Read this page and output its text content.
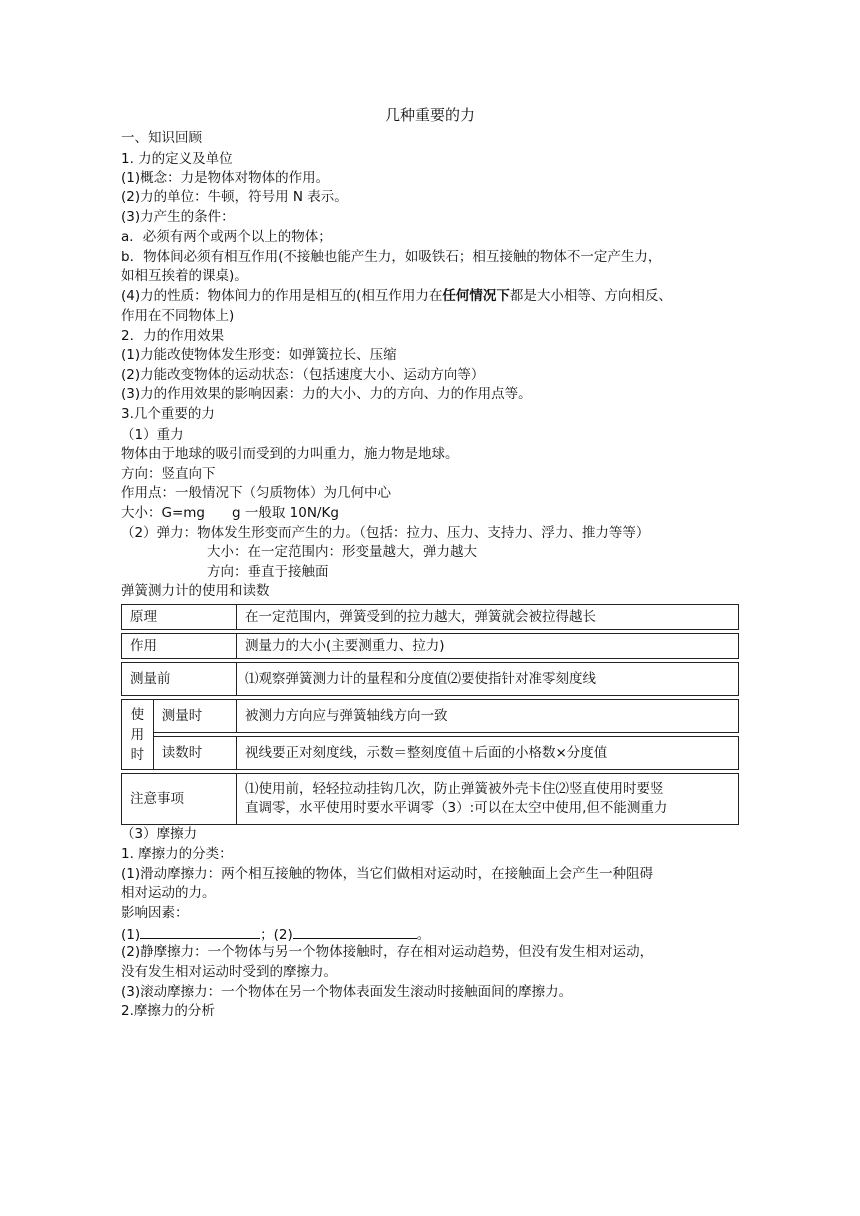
几种重要的力
一、知识回顾
1. 力的定义及单位
(1)概念：力是物体对物体的作用。
(2)力的单位：牛顿，符号用 N 表示。
(3)力产生的条件：
a．必须有两个或两个以上的物体；
b．物体间必须有相互作用(不接触也能产生力，如吸铁石；相互接触的物体不一定产生力，
如相互挨着的课桌)。
(4)力的性质：物体间力的作用是相互的(相互作用力在任何情况下都是大小相等、方向相反、
作用在不同物体上)
2．力的作用效果
(1)力能改使物体发生形变：如弹簧拉长、压缩
(2)力能改变物体的运动状态：（包括速度大小、运动方向等）
(3)力的作用效果的影响因素：力的大小、力的方向、力的作用点等。
3.几个重要的力
（1）重力
物体由于地球的吸引而受到的力叫重力，施力物是地球。
方向：竖直向下
作用点：一般情况下（匀质物体）为几何中心
大小：G=mg　　g 一般取 10N/Kg
（2）弹力：物体发生形变而产生的力。（包括：拉力、压力、支持力、浮力、推力等等）
大小：在一定范围内：形变量越大，弹力越大
方向：垂直于接触面
弹簧测力计的使用和读数
原理		在一定范围内，弹簧受到的拉力越大，弹簧就会被拉得越长
作用		测量力的大小(主要测重力、拉力)
测量前		⑴观察弹簧测力计的量程和分度值⑵要使指针对准零刻度线

使用时	测量时	被测力方向应与弹簧轴线方向一致
	读数时	视线要正对刻度线，示数＝整刻度值＋后面的小格数×分度值
注意事项		⑴使用前，轻轻拉动挂钩几次，防止弹簧被外壳卡住⑵竖直使用时要竖
直调零，水平使用时要水平调零（3）:可以在太空中使用,但不能测重力
（3）摩擦力
1. 摩擦力的分类：
(1)滑动摩擦力：两个相互接触的物体，当它们做相对运动时，在接触面上会产生一种阻碍
相对运动的力。
影响因素：
(1)	；(2)	。
(2)静摩擦力：一个物体与另一个物体接触时，存在相对运动趋势，但没有发生相对运动，
没有发生相对运动时受到的摩擦力。
(3)滚动摩擦力：一个物体在另一个物体表面发生滚动时接触面间的摩擦力。
2.摩擦力的分析
